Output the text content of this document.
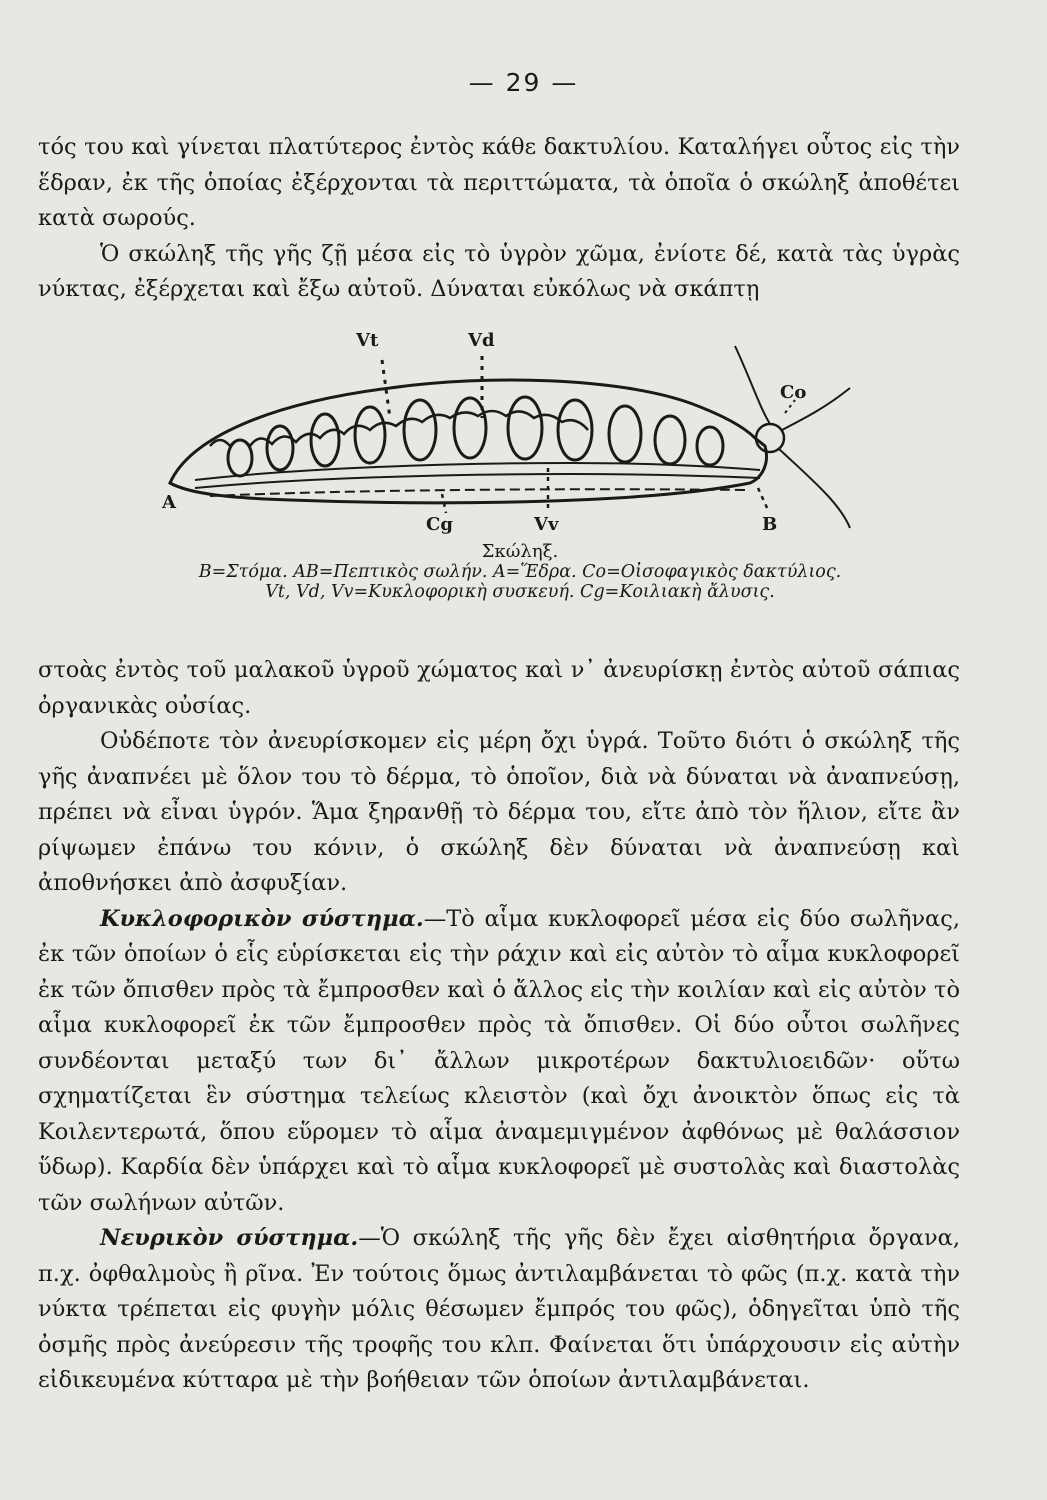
— 29 —

τός του καὶ γίνεται πλατύτερος ἐντὸς κάθε δακτυλίου. Καταλήγει οὗτος εἰς τὴν ἕδραν, ἐκ τῆς ὁποίας ἐξέρχονται τὰ περιττώματα, τὰ ὁποῖα ὁ σκώληξ ἀποθέτει κατὰ σωρούς.

Ὁ σκώληξ τῆς γῆς ζῇ μέσα εἰς τὸ ὑγρὸν χῶμα, ἐνίοτε δέ, κατὰ τὰς ὑγρὰς νύκτας, ἐξέρχεται καὶ ἔξω αὐτοῦ. Δύναται εὐκόλως νὰ σκάπτῃ

Vt	Vd
Co
A
Cg	Vv	B
Σκώληξ.
B=Στόμα. AB=Πεπτικὸς σωλήν. A=Ἕδρα. Co=Οἰσοφαγικὸς δακτύλιος.
Vt, Vd, Vv=Κυκλοφορικὴ συσκευή. Cg=Κοιλιακὴ ἄλυσις.

στοὰς ἐντὸς τοῦ μαλακοῦ ὑγροῦ χώματος καὶ ν᾽ ἀνευρίσκῃ ἐντὸς αὐτοῦ σάπιας ὀργανικὰς οὐσίας.

Οὐδέποτε τὸν ἀνευρίσκομεν εἰς μέρη ὄχι ὑγρά. Τοῦτο διότι ὁ σκώληξ τῆς γῆς ἀναπνέει μὲ ὅλον του τὸ δέρμα, τὸ ὁποῖον, διὰ νὰ δύναται νὰ ἀναπνεύσῃ, πρέπει νὰ εἶναι ὑγρόν. Ἅμα ξηρανθῇ τὸ δέρμα του, εἴτε ἀπὸ τὸν ἥλιον, εἴτε ἂν ρίψωμεν ἐπάνω του κόνιν, ὁ σκώληξ δὲν δύναται νὰ ἀναπνεύσῃ καὶ ἀποθνήσκει ἀπὸ ἀσφυξίαν.

Κυκλοφορικὸν σύστημα.—Τὸ αἷμα κυκλοφορεῖ μέσα εἰς δύο σωλῆνας, ἐκ τῶν ὁποίων ὁ εἷς εὑρίσκεται εἰς τὴν ράχιν καὶ εἰς αὐτὸν τὸ αἷμα κυκλοφορεῖ ἐκ τῶν ὄπισθεν πρὸς τὰ ἔμπροσθεν καὶ ὁ ἄλλος εἰς τὴν κοιλίαν καὶ εἰς αὐτὸν τὸ αἷμα κυκλοφορεῖ ἐκ τῶν ἔμπροσθεν πρὸς τὰ ὄπισθεν. Οἱ δύο οὗτοι σωλῆνες συνδέονται μεταξύ των δι᾽ ἄλλων μικροτέρων δακτυλιοειδῶν· οὕτω σχηματίζεται ἓν σύστημα τελείως κλειστὸν (καὶ ὄχι ἀνοικτὸν ὅπως εἰς τὰ Κοιλεντερωτά, ὅπου εὕρομεν τὸ αἷμα ἀναμεμιγμένον ἀφθόνως μὲ θαλάσσιον ὕδωρ). Καρδία δὲν ὑπάρχει καὶ τὸ αἷμα κυκλοφορεῖ μὲ συστολὰς καὶ διαστολὰς τῶν σωλήνων αὐτῶν.

Νευρικὸν σύστημα.—Ὁ σκώληξ τῆς γῆς δὲν ἔχει αἰσθητήρια ὄργανα, π.χ. ὀφθαλμοὺς ἢ ρῖνα. Ἐν τούτοις ὅμως ἀντιλαμβάνεται τὸ φῶς (π.χ. κατὰ τὴν νύκτα τρέπεται εἰς φυγὴν μόλις θέσωμεν ἔμπρός του φῶς), ὁδηγεῖται ὑπὸ τῆς ὀσμῆς πρὸς ἀνεύρεσιν τῆς τροφῆς του κλπ. Φαίνεται ὅτι ὑπάρχουσιν εἰς αὐτὴν εἰδικευμένα κύτταρα μὲ τὴν βοήθειαν τῶν ὁποίων ἀντιλαμβάνεται.
